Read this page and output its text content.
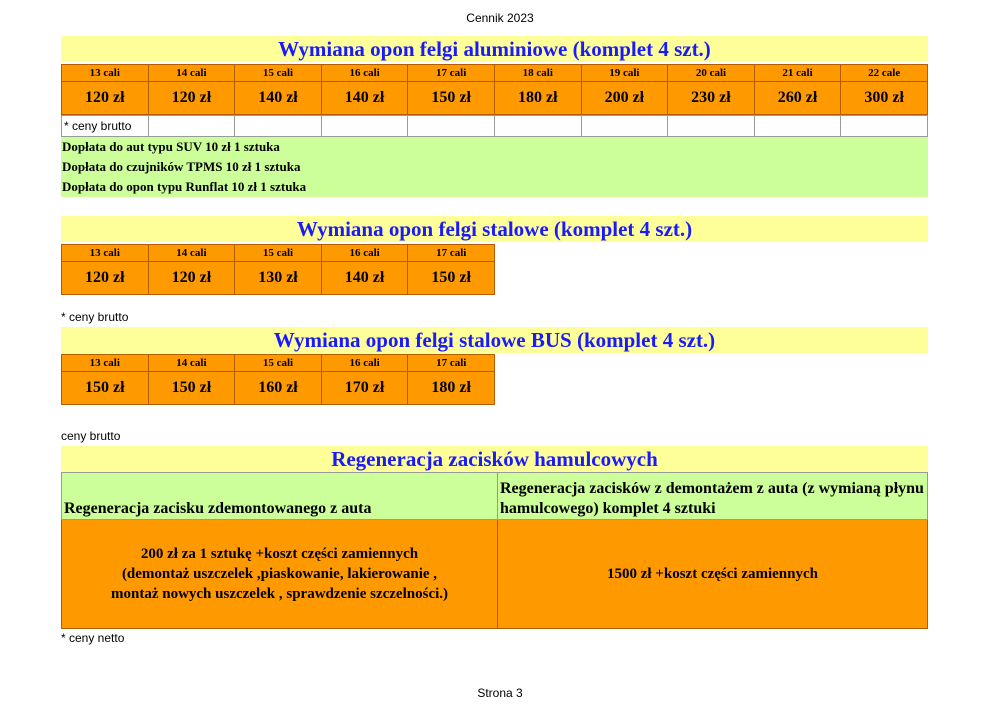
Cennik 2023
Wymiana opon felgi aluminiowe (komplet 4 szt.)
13 cali	14 cali	15 cali	16 cali	17 cali	18 cali	19 cali	20 cali	21 cali	22 cale
120 zł	120 zł	140 zł	140 zł	150 zł	180 zł	200 zł	230 zł	260 zł	300 zł
* ceny brutto									
Dopłata do aut typu SUV 10 zł 1 sztuka
Dopłata do czujników TPMS 10 zł 1 sztuka
Dopłata do opon typu Runflat 10 zł 1 sztuka
Wymiana opon felgi stalowe (komplet 4 szt.)
13 cali	14 cali	15 cali	16 cali	17 cali
120 zł	120 zł	130 zł	140 zł	150 zł
* ceny brutto
Wymiana opon felgi stalowe BUS (komplet 4 szt.)
13 cali	14 cali	15 cali	16 cali	17 cali
150 zł	150 zł	160 zł	170 zł	180 zł
ceny brutto
Regeneracja zacisków hamulcowych
Regeneracja zacisku zdemontowanego z auta	Regeneracja zacisków z demontażem z auta (z wymianą płynu hamulcowego) komplet 4 sztuki

200 zł za 1 sztukę +koszt części zamiennych
(demontaż uszczelek ,piaskowanie, lakierowanie ,
montaż nowych uszczelek , sprawdzenie szczelności.)	1500 zł +koszt części zamiennych
* ceny netto
Strona 3
